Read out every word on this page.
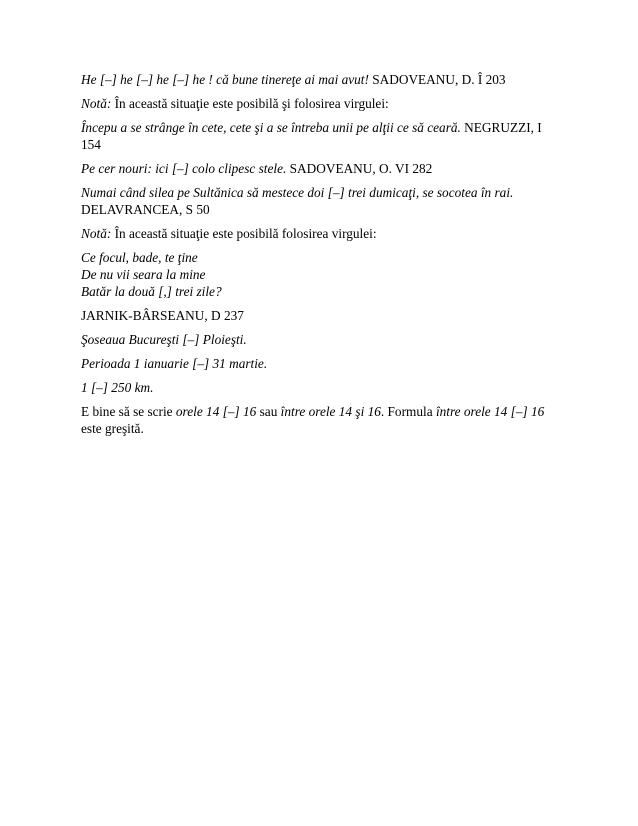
He [–] he [–] he [–] he ! că bune tinereţe ai mai avut! SADOVEANU, D. Î 203

Notă: În această situaţie este posibilă şi folosirea virgulei:

Începu a se strânge în cete, cete şi a se întreba unii pe alţii ce să ceară. NEGRUZZI, I 154

Pe cer nouri: ici [–] colo clipesc stele. SADOVEANU, O. VI 282

Numai când silea pe Sultănica să mestece doi [–] trei dumicaţi, se socotea în rai. DELAVRANCEA, S 50

Notă: În această situaţie este posibilă folosirea virgulei:

Ce focul, bade, te ţine
De nu vii seara la mine
Batăr la două [,] trei zile?

JARNIK-BÂRSEANU, D 237

Şoseaua Bucureşti [–] Ploieşti.

Perioada 1 ianuarie [–] 31 martie.

1 [–] 250 km.

E bine să se scrie orele 14 [–] 16 sau între orele 14 şi 16. Formula între orele 14 [–] 16 este greşită.
